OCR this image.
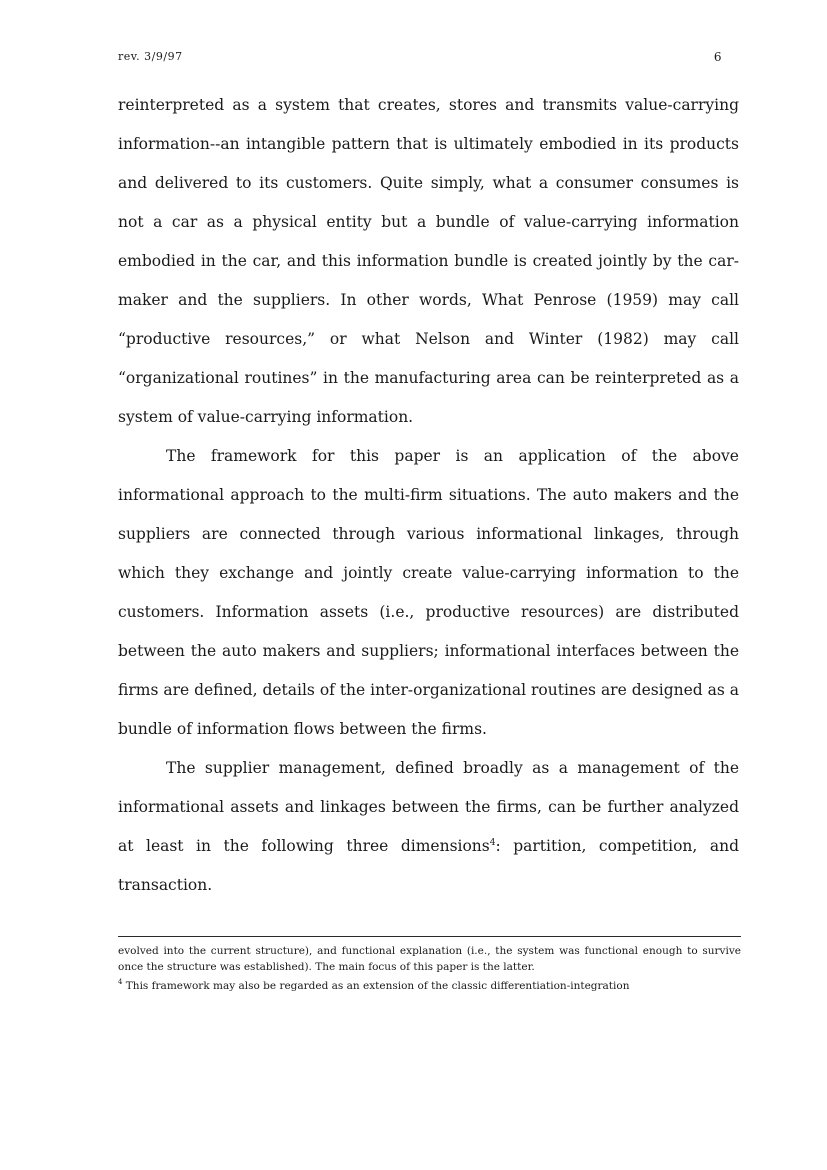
rev. 3/9/97	6

reinterpreted as a system that creates, stores and transmits value-carrying information--an intangible pattern that is ultimately embodied in its products and delivered to its customers. Quite simply, what a consumer consumes is not a car as a physical entity but a bundle of value-carrying information embodied in the car, and this information bundle is created jointly by the car-maker and the suppliers. In other words, What Penrose (1959) may call “productive resources,” or what Nelson and Winter (1982) may call “organizational routines” in the manufacturing area can be reinterpreted as a system of value-carrying information.

The framework for this paper is an application of the above informational approach to the multi-firm situations. The auto makers and the suppliers are connected through various informational linkages, through which they exchange and jointly create value-carrying information to the customers. Information assets (i.e., productive resources) are distributed between the auto makers and suppliers; informational interfaces between the firms are defined, details of the inter-organizational routines are designed as a bundle of information flows between the firms.

The supplier management, defined broadly as a management of the informational assets and linkages between the firms, can be further analyzed at least in the following three dimensions$^4$: partition, competition, and transaction.

evolved into the current structure), and functional explanation (i.e., the system was functional enough to survive once the structure was established). The main focus of this paper is the latter.

$^4$ This framework may also be regarded as an extension of the classic differentiation-integration
